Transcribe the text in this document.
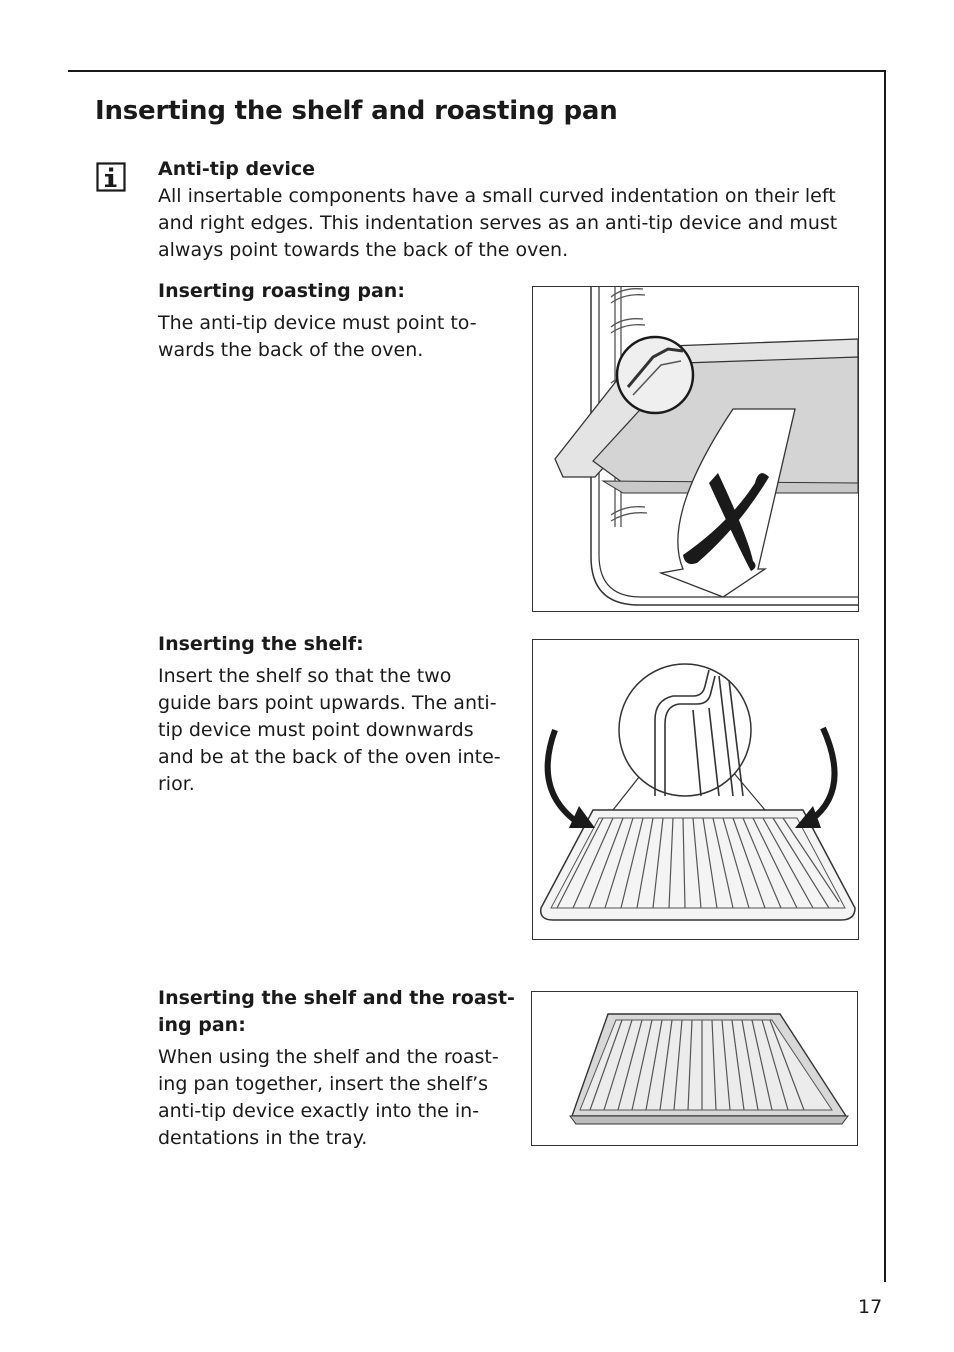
Inserting the shelf and roasting pan

Anti-tip device

All insertable components have a small curved indentation on their left

and right edges. This indentation serves as an anti-tip device and must

always point towards the back of the oven.

Inserting roasting pan:

The anti-tip device must point to-

wards the back of the oven.

Inserting the shelf:

Insert the shelf so that the two

guide bars point upwards. The anti-

tip device must point downwards

and be at the back of the oven inte-

rior.

Inserting the shelf and the roast-

ing pan:

When using the shelf and the roast-

ing pan together, insert the shelf’s

anti-tip device exactly into the in-

dentations in the tray.

17
